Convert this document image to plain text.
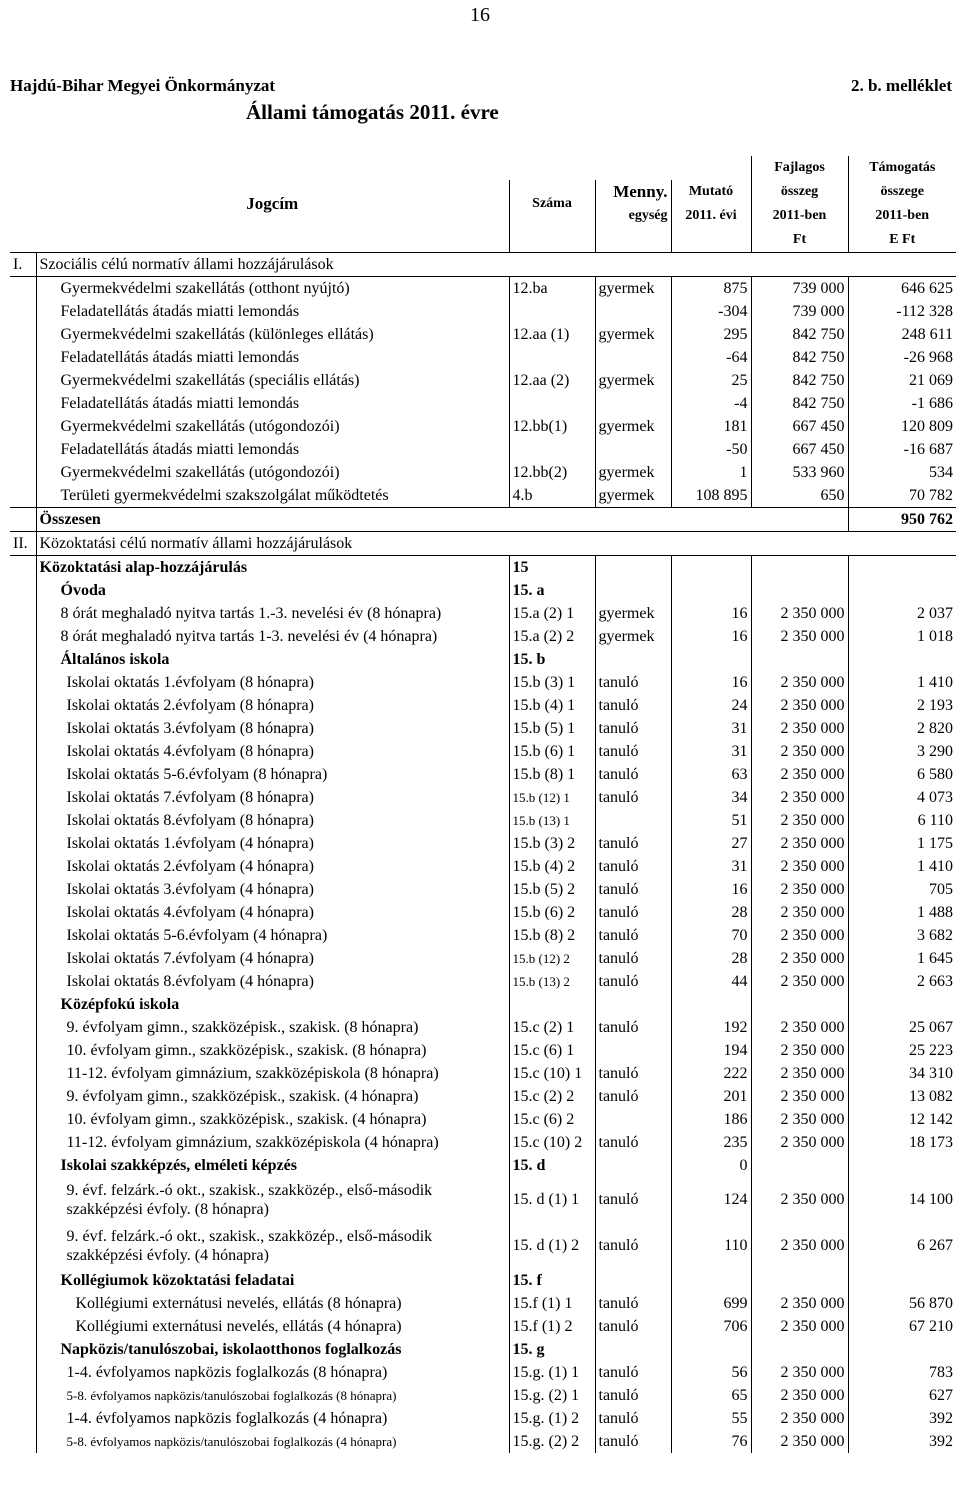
16
Hajdú-Bihar Megyei Önkormányzat	2. b. melléklet
Állami támogatás 2011. évre
					Fajlagos	Támogatás
	Jogcím	Száma	Menny.	Mutató	összeg	összege
			egység	2011. évi	2011-ben	2011-ben
					Ft	E Ft
I.	Szociális célú normatív állami hozzájárulások					
	Gyermekvédelmi szakellátás (otthont nyújtó)	12.ba	gyermek	875	739 000	646 625
	Feladatellátás átadás miatti lemondás			-304	739 000	-112 328
	Gyermekvédelmi szakellátás (különleges ellátás)	12.aa (1)	gyermek	295	842 750	248 611
	Feladatellátás átadás miatti lemondás			-64	842 750	-26 968
	Gyermekvédelmi szakellátás (speciális ellátás)	12.aa (2)	gyermek	25	842 750	21 069
	Feladatellátás átadás miatti lemondás			-4	842 750	-1 686
	Gyermekvédelmi szakellátás (utógondozói)	12.bb(1)	gyermek	181	667 450	120 809
	Feladatellátás átadás miatti lemondás			-50	667 450	-16 687
	Gyermekvédelmi szakellátás (utógondozói)	12.bb(2)	gyermek	1	533 960	534
	Területi gyermekvédelmi szakszolgálat működtetés	4.b	gyermek	108 895	650	70 782
	Összesen					950 762
II.	Közoktatási célú normatív állami hozzájárulások					
	Közoktatási alap-hozzájárulás	15				
	Óvoda	15. a				
	8 órát meghaladó nyitva tartás 1.-3. nevelési év (8 hónapra)	15.a (2) 1	gyermek	16	2 350 000	2 037
	8 órát meghaladó nyitva tartás 1-3. nevelési év (4 hónapra)	15.a (2) 2	gyermek	16	2 350 000	1 018
	Általános iskola	15. b				
	Iskolai oktatás 1.évfolyam (8 hónapra)	15.b (3) 1	tanuló	16	2 350 000	1 410
	Iskolai oktatás 2.évfolyam (8 hónapra)	15.b (4) 1	tanuló	24	2 350 000	2 193
	Iskolai oktatás 3.évfolyam (8 hónapra)	15.b (5) 1	tanuló	31	2 350 000	2 820
	Iskolai oktatás 4.évfolyam (8 hónapra)	15.b (6) 1	tanuló	31	2 350 000	3 290
	Iskolai oktatás 5-6.évfolyam (8 hónapra)	15.b (8) 1	tanuló	63	2 350 000	6 580
	Iskolai oktatás 7.évfolyam (8 hónapra)	15.b (12) 1	tanuló	34	2 350 000	4 073
	Iskolai oktatás 8.évfolyam (8 hónapra)	15.b (13) 1		51	2 350 000	6 110
	Iskolai oktatás 1.évfolyam (4 hónapra)	15.b (3) 2	tanuló	27	2 350 000	1 175
	Iskolai oktatás 2.évfolyam (4 hónapra)	15.b (4) 2	tanuló	31	2 350 000	1 410
	Iskolai oktatás 3.évfolyam (4 hónapra)	15.b (5) 2	tanuló	16	2 350 000	705
	Iskolai oktatás 4.évfolyam (4 hónapra)	15.b (6) 2	tanuló	28	2 350 000	1 488
	Iskolai oktatás 5-6.évfolyam (4 hónapra)	15.b (8) 2	tanuló	70	2 350 000	3 682
	Iskolai oktatás 7.évfolyam (4 hónapra)	15.b (12) 2	tanuló	28	2 350 000	1 645
	Iskolai oktatás 8.évfolyam (4 hónapra)	15.b (13) 2	tanuló	44	2 350 000	2 663
	Középfokú iskola					
	9. évfolyam gimn., szakközépisk., szakisk. (8 hónapra)	15.c (2) 1	tanuló	192	2 350 000	25 067
	10. évfolyam gimn., szakközépisk., szakisk. (8 hónapra)	15.c (6) 1		194	2 350 000	25 223
	11-12. évfolyam gimnázium, szakközépiskola (8 hónapra)	15.c (10) 1	tanuló	222	2 350 000	34 310
	9. évfolyam gimn., szakközépisk., szakisk. (4 hónapra)	15.c (2) 2	tanuló	201	2 350 000	13 082
	10. évfolyam gimn., szakközépisk., szakisk. (4 hónapra)	15.c (6) 2		186	2 350 000	12 142
	11-12. évfolyam gimnázium, szakközépiskola (4 hónapra)	15.c (10) 2	tanuló	235	2 350 000	18 173
	Iskolai szakképzés, elméleti képzés	15. d		0		
	9. évf. felzárk.-ó okt., szakisk., szakközép., első-második szakképzési évfoly. (8 hónapra)	15. d (1) 1	tanuló	124	2 350 000	14 100
	9. évf. felzárk.-ó okt., szakisk., szakközép., első-második szakképzési évfoly. (4 hónapra)	15. d (1) 2	tanuló	110	2 350 000	6 267
	Kollégiumok közoktatási feladatai	15. f				
	Kollégiumi externátusi nevelés, ellátás (8 hónapra)	15.f (1) 1	tanuló	699	2 350 000	56 870
	Kollégiumi externátusi nevelés, ellátás (4 hónapra)	15.f (1) 2	tanuló	706	2 350 000	67 210
	Napközis/tanulószobai, iskolaotthonos foglalkozás	15. g				
	1-4. évfolyamos napközis foglalkozás (8 hónapra)	15.g. (1) 1	tanuló	56	2 350 000	783
	5-8. évfolyamos napközis/tanulószobai foglalkozás (8 hónapra)	15.g. (2) 1	tanuló	65	2 350 000	627
	1-4. évfolyamos napközis foglalkozás (4 hónapra)	15.g. (1) 2	tanuló	55	2 350 000	392
	5-8. évfolyamos napközis/tanulószobai foglalkozás (4 hónapra)	15.g. (2) 2	tanuló	76	2 350 000	392
